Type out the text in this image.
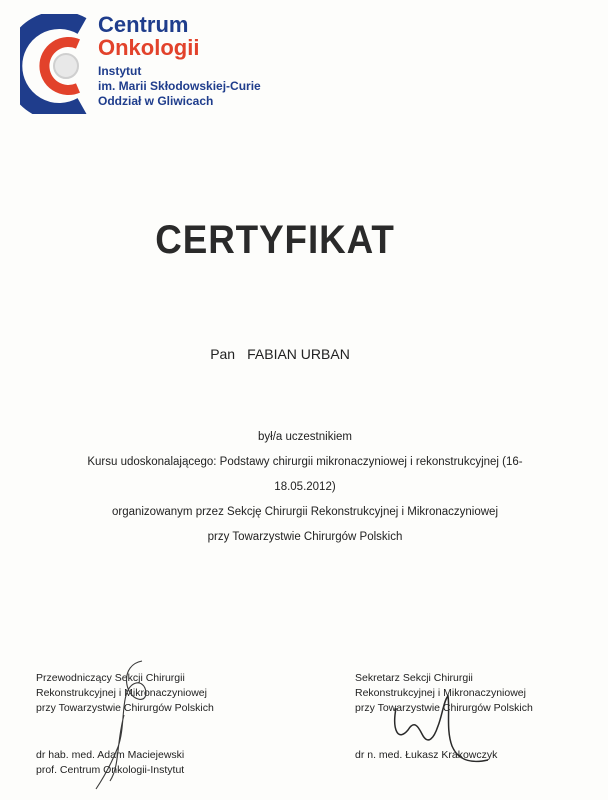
Centrum
Onkologii
Instytut
im. Marii Skłodowskiej-Curie
Oddział w Gliwicach
CERTYFIKAT
Pan FABIAN URBAN
był/a uczestnikiem
Kursu udoskonalającego: Podstawy chirurgii mikronaczyniowej i rekonstrukcyjnej (16-
18.05.2012)
organizowanym przez Sekcję Chirurgii Rekonstrukcyjnej i Mikronaczyniowej
przy Towarzystwie Chirurgów Polskich
Przewodniczący Sekcji Chirurgii
Rekonstrukcyjnej i Mikronaczyniowej
przy Towarzystwie Chirurgów Polskich
dr hab. med. Adam Maciejewski
prof. Centrum Onkologii-Instytut
Sekretarz Sekcji Chirurgii
Rekonstrukcyjnej i Mikronaczyniowej
przy Towarzystwie Chirurgów Polskich
dr n. med. Łukasz Krakowczyk
